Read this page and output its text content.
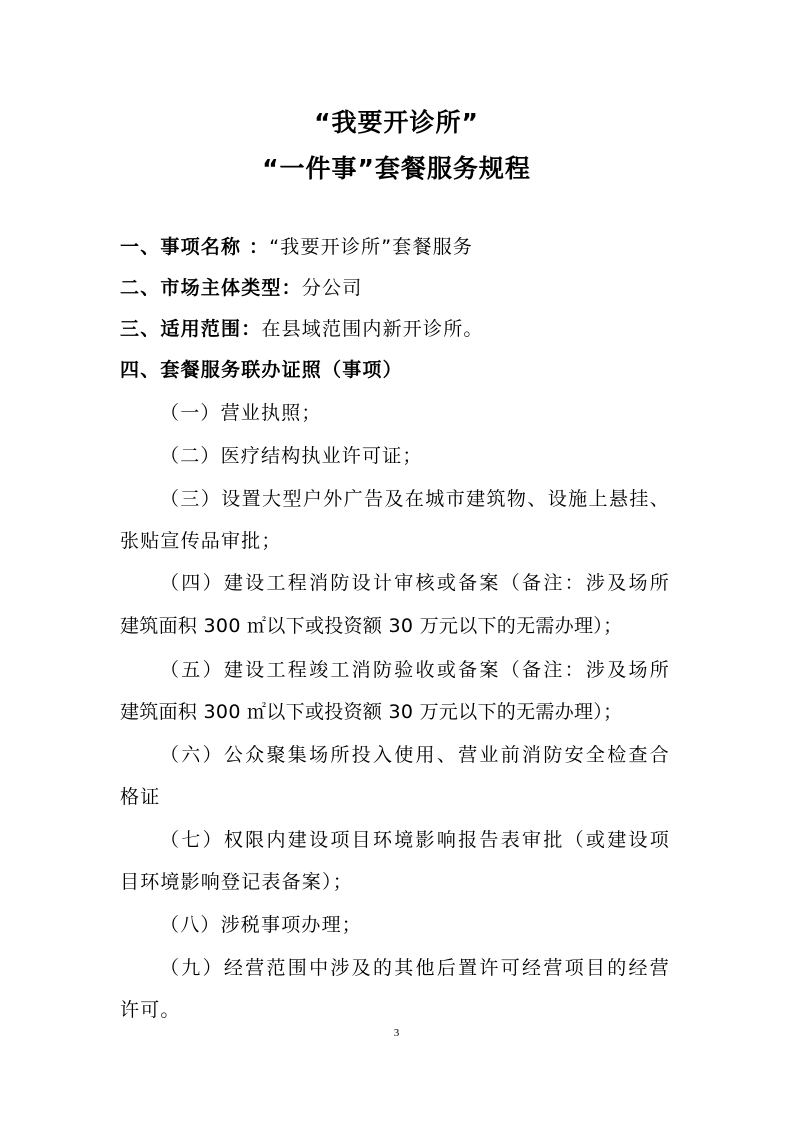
“我要开诊所”
“一件事”套餐服务规程
一、事项名称 ：“我要开诊所”套餐服务
二、市场主体类型：分公司
三、适用范围：在县域范围内新开诊所。
四、套餐服务联办证照（事项）
（一）营业执照；
（二）医疗结构执业许可证；
（三）设置大型户外广告及在城市建筑物、设施上悬挂、
张贴宣传品审批；
（四）建设工程消防设计审核或备案（备注：涉及场所
建筑面积 300 ㎡以下或投资额 30 万元以下的无需办理）；
（五）建设工程竣工消防验收或备案（备注：涉及场所
建筑面积 300 ㎡以下或投资额 30 万元以下的无需办理）；
（六）公众聚集场所投入使用、营业前消防安全检查合
格证
（七）权限内建设项目环境影响报告表审批（或建设项
目环境影响登记表备案）；
（八）涉税事项办理；
（九）经营范围中涉及的其他后置许可经营项目的经营
许可。
3
